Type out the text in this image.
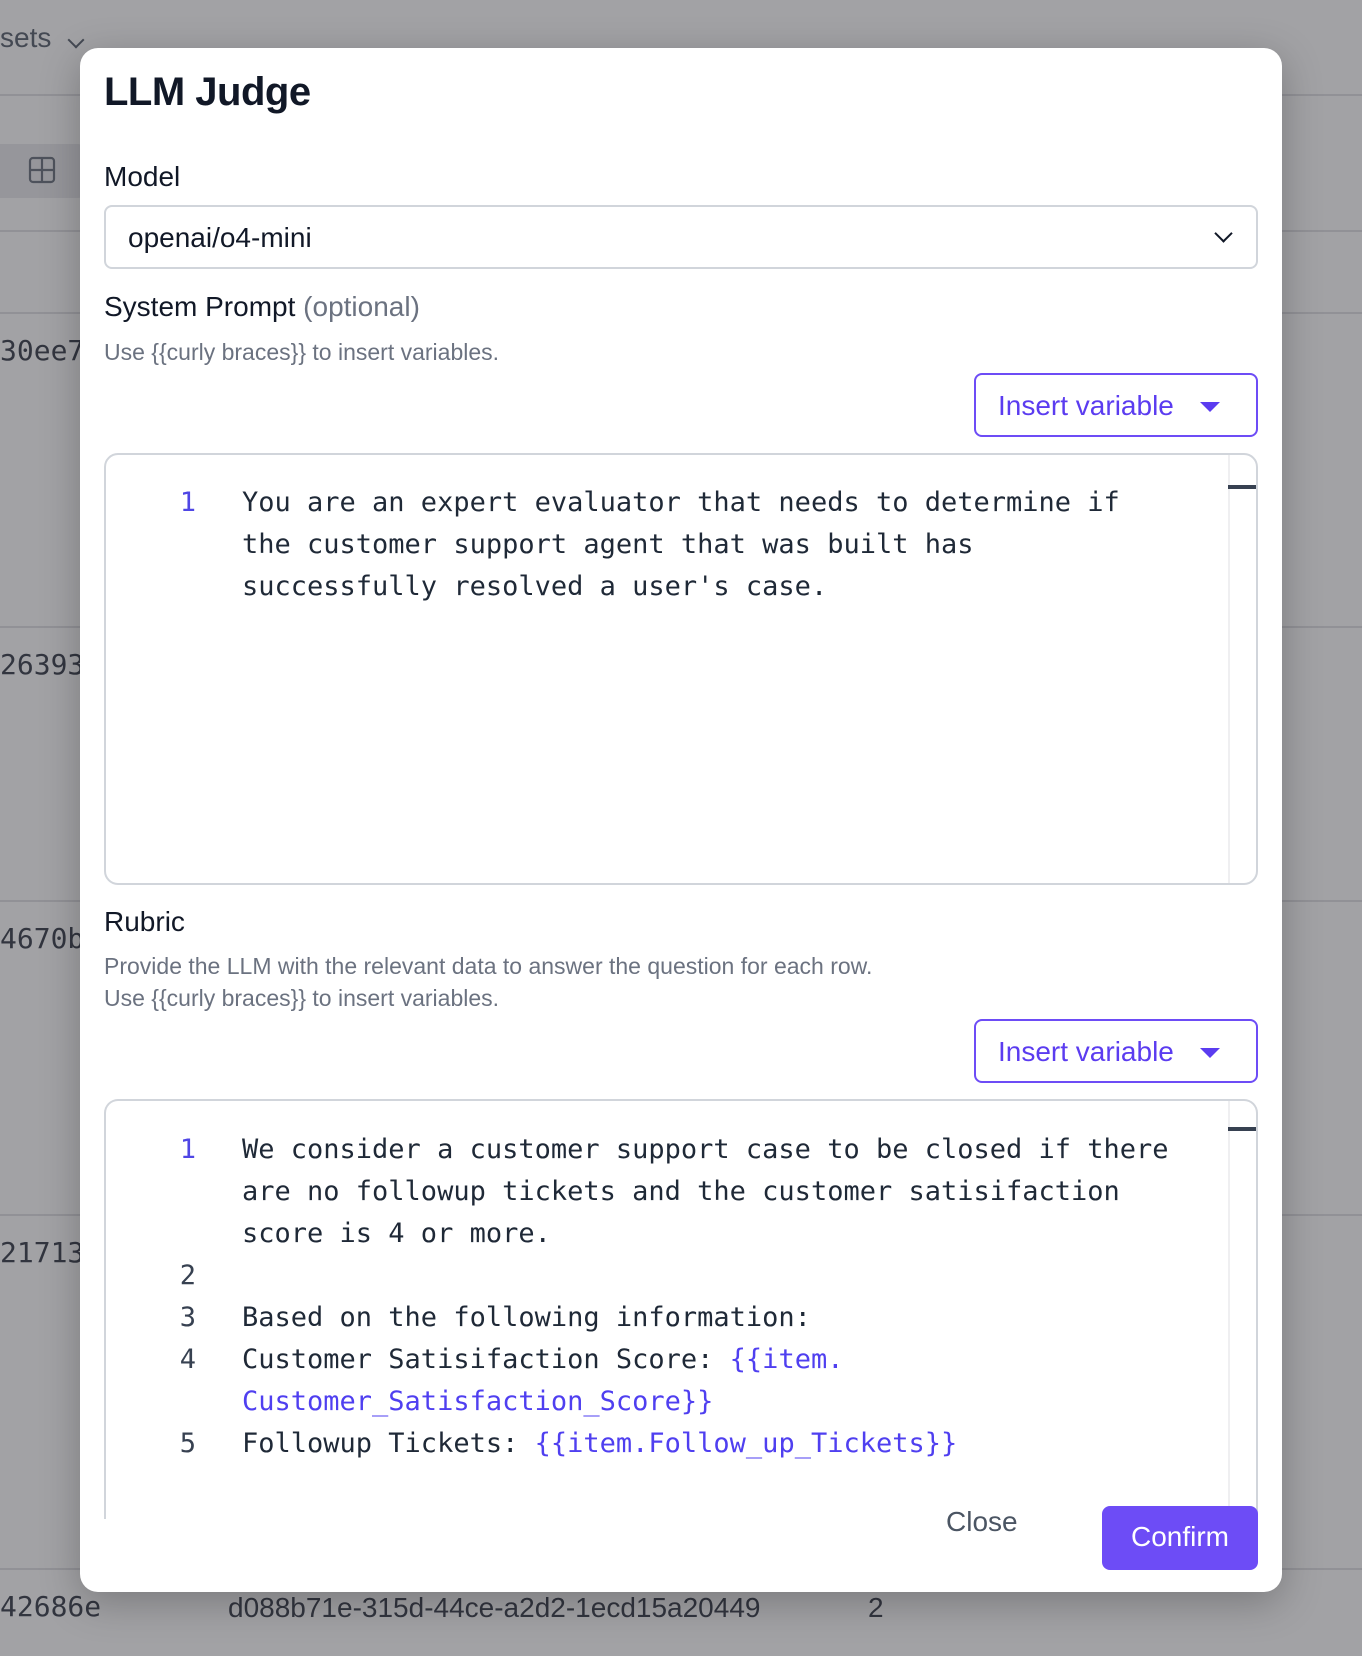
LLM Judge
Model
openai/o4-mini
System Prompt (optional)
Use {{curly braces}} to insert variables.
Insert variable
1 You are an expert evaluator that needs to determine if
the customer support agent that was built has
successfully resolved a user's case.
Rubric
Provide the LLM with the relevant data to answer the question for each row.
Use {{curly braces}} to insert variables.
Insert variable
1 We consider a customer support case to be closed if there
are no followup tickets and the customer satisifaction
score is 4 or more.
2
3 Based on the following information:
4 Customer Satisifaction Score: {{item.
Customer_Satisfaction_Score}}
5 Followup Tickets: {{item.Follow_up_Tickets}}
Close	Confirm
